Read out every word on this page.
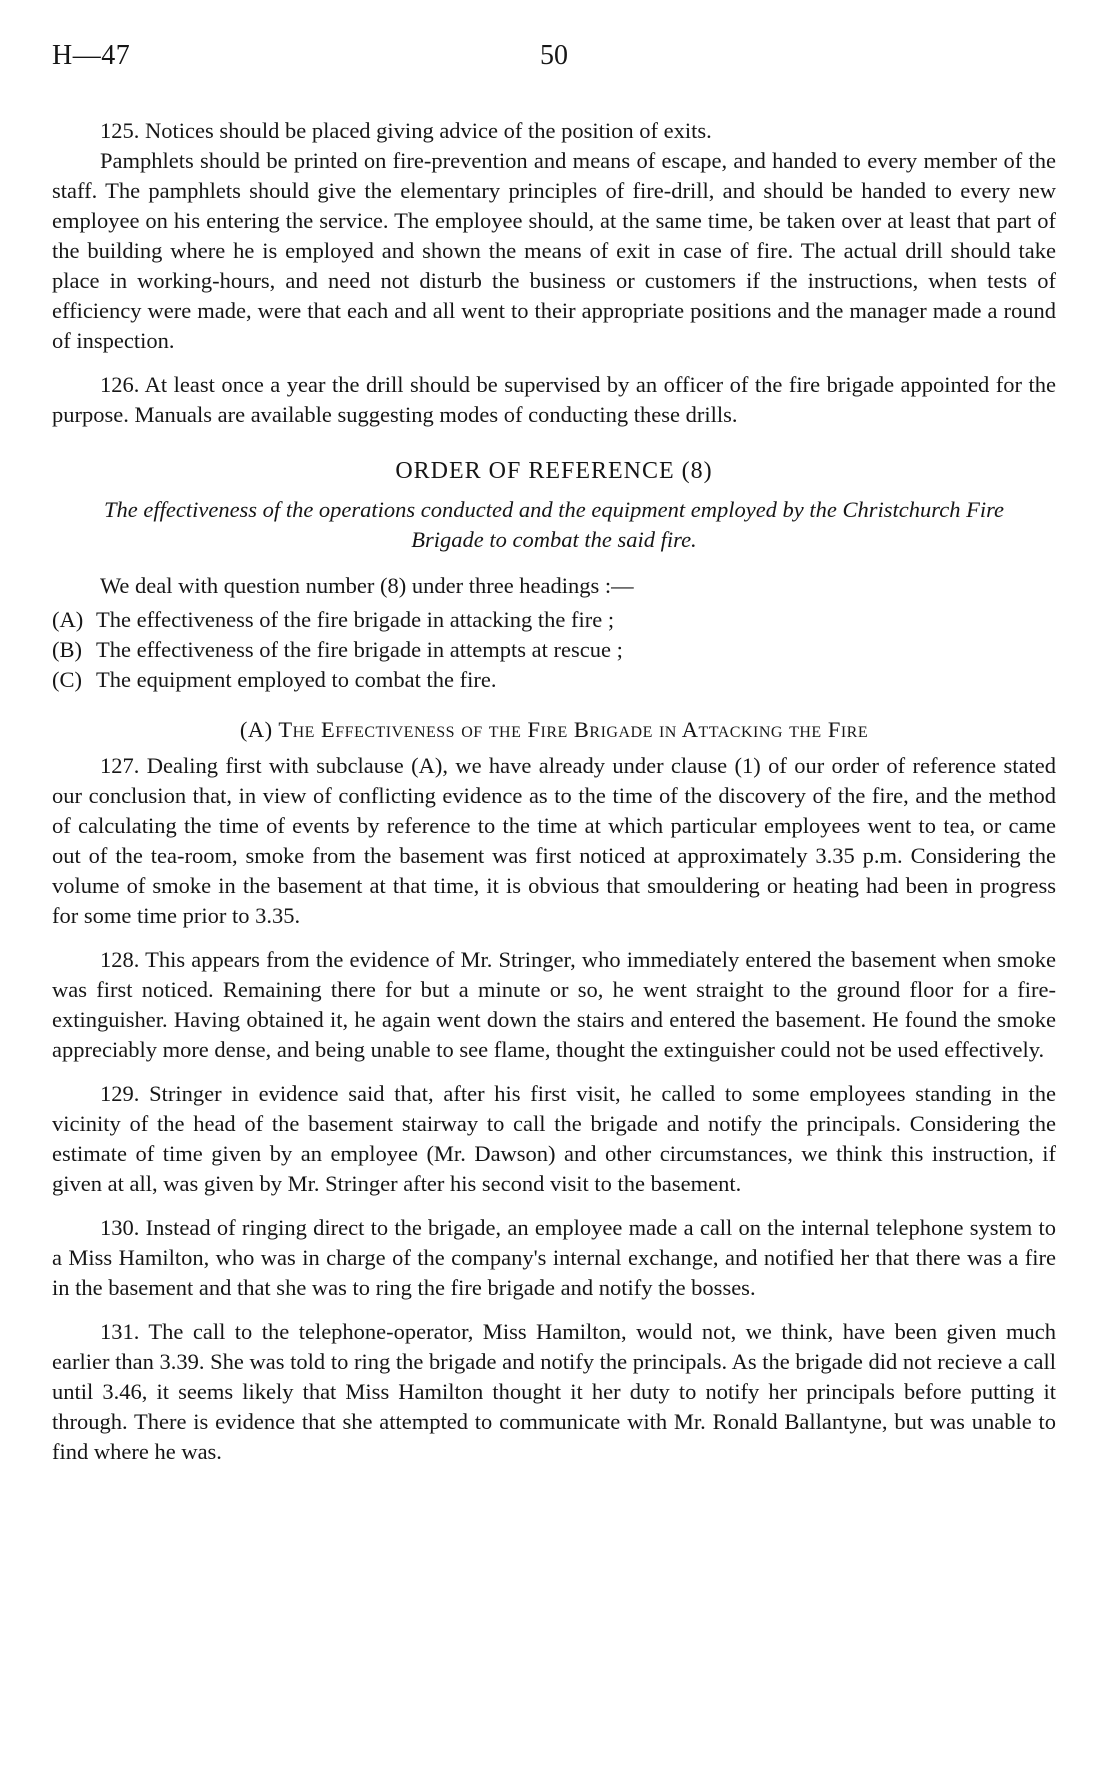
H—47	50

125. Notices should be placed giving advice of the position of exits.

Pamphlets should be printed on fire-prevention and means of escape, and handed to every member of the staff. The pamphlets should give the elementary principles of fire-drill, and should be handed to every new employee on his entering the service. The employee should, at the same time, be taken over at least that part of the building where he is employed and shown the means of exit in case of fire. The actual drill should take place in working-hours, and need not disturb the business or customers if the instructions, when tests of efficiency were made, were that each and all went to their appropriate positions and the manager made a round of inspection.

126. At least once a year the drill should be supervised by an officer of the fire brigade appointed for the purpose. Manuals are available suggesting modes of conducting these drills.

ORDER OF REFERENCE (8)
The effectiveness of the operations conducted and the equipment employed by the Christchurch Fire Brigade to combat the said fire.

We deal with question number (8) under three headings :—

(A) The effectiveness of the fire brigade in attacking the fire ;
(B) The effectiveness of the fire brigade in attempts at rescue ;
(C) The equipment employed to combat the fire.
(A) The Effectiveness of the Fire Brigade in Attacking the Fire

127. Dealing first with subclause (A), we have already under clause (1) of our order of reference stated our conclusion that, in view of conflicting evidence as to the time of the discovery of the fire, and the method of calculating the time of events by reference to the time at which particular employees went to tea, or came out of the tea-room, smoke from the basement was first noticed at approximately 3.35 p.m. Considering the volume of smoke in the basement at that time, it is obvious that smouldering or heating had been in progress for some time prior to 3.35.

128. This appears from the evidence of Mr. Stringer, who immediately entered the basement when smoke was first noticed. Remaining there for but a minute or so, he went straight to the ground floor for a fire-extinguisher. Having obtained it, he again went down the stairs and entered the basement. He found the smoke appreciably more dense, and being unable to see flame, thought the extinguisher could not be used effectively.

129. Stringer in evidence said that, after his first visit, he called to some employees standing in the vicinity of the head of the basement stairway to call the brigade and notify the principals. Considering the estimate of time given by an employee (Mr. Dawson) and other circumstances, we think this instruction, if given at all, was given by Mr. Stringer after his second visit to the basement.

130. Instead of ringing direct to the brigade, an employee made a call on the internal telephone system to a Miss Hamilton, who was in charge of the company's internal exchange, and notified her that there was a fire in the basement and that she was to ring the fire brigade and notify the bosses.

131. The call to the telephone-operator, Miss Hamilton, would not, we think, have been given much earlier than 3.39. She was told to ring the brigade and notify the principals. As the brigade did not recieve a call until 3.46, it seems likely that Miss Hamilton thought it her duty to notify her principals before putting it through. There is evidence that she attempted to communicate with Mr. Ronald Ballantyne, but was unable to find where he was.
